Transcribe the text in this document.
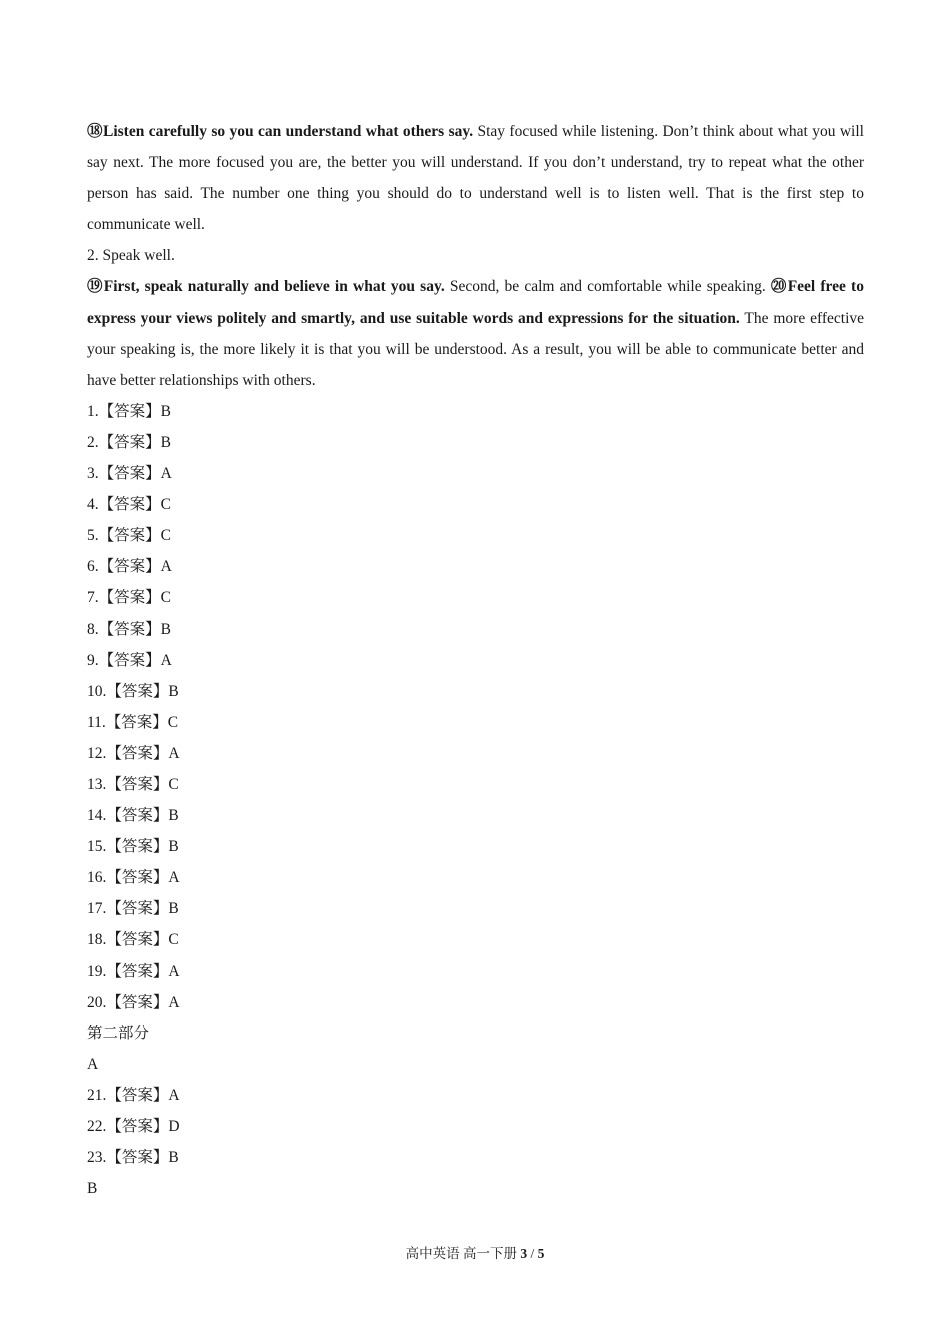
⑱Listen carefully so you can understand what others say. Stay focused while listening. Don’t think about what you will say next. The more focused you are, the better you will understand. If you don’t understand, try to repeat what the other person has said. The number one thing you should do to understand well is to listen well. That is the first step to communicate well.

2. Speak well.

⑲First, speak naturally and believe in what you say. Second, be calm and comfortable while speaking. ⑳Feel free to express your views politely and smartly, and use suitable words and expressions for the situation. The more effective your speaking is, the more likely it is that you will be understood. As a result, you will be able to communicate better and have better relationships with others.

1.【答案】B

2.【答案】B

3.【答案】A

4.【答案】C

5.【答案】C

6.【答案】A

7.【答案】C

8.【答案】B

9.【答案】A

10.【答案】B

11.【答案】C

12.【答案】A

13.【答案】C

14.【答案】B

15.【答案】B

16.【答案】A

17.【答案】B

18.【答案】C

19.【答案】A

20.【答案】A

第二部分

A

21.【答案】A

22.【答案】D

23.【答案】B

B

高中英语 高一下册 3 / 5
